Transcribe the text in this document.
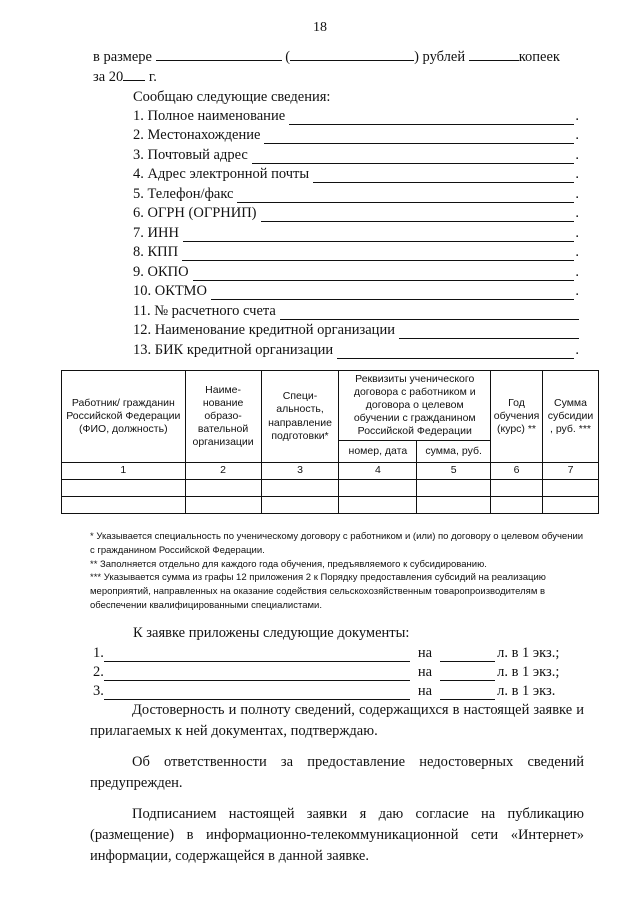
18
в размере	(	) рублей	копеек
за 20 г.
Сообщаю следующие сведения:
1. Полное наименование	.
2. Местонахождение	.
3. Почтовый адрес	.
4. Адрес электронной почты	.
5. Телефон/факс	.
6. ОГРН (ОГРНИП)	.
7. ИНН	.
8. КПП	.
9. ОКПО	.
10. ОКТМО	.
11. № расчетного счета
12. Наименование кредитной организации
13. БИК кредитной организации	.
Работник/ гражданин Российской Федерации (ФИО, должность)	Наиме-нование образо-вательной организации	Специ-альность, направление подготовки*	Реквизиты ученического договора с работником и договора о целевом обучении с гражданином Российской Федерации		Год обучения (курс) **	Сумма субсидии , руб. ***
			номер, дата	сумма, руб.		
1	2	3	4	5	6	7

* Указывается специальность по ученическому договору с работником и (или) по договору о целевом обучении с гражданином Российской Федерации.

** Заполняется отдельно для каждого года обучения, предъявляемого к субсидированию.

*** Указывается сумма из графы 12 приложения 2 к Порядку предоставления субсидий на реализацию мероприятий, направленных на оказание содействия сельскохозяйственным товаропроизводителям в обеспечении квалифицированными специалистами.

К заявке приложены следующие документы:
1.	на	л. в 1 экз.;
2.	на	л. в 1 экз.;
3.	на	л. в 1 экз.

Достоверность и полноту сведений, содержащихся в настоящей заявке и прилагаемых к ней документах, подтверждаю.

Об ответственности за предоставление недостоверных сведений предупрежден.

Подписанием настоящей заявки я даю согласие на публикацию (размещение) в информационно-телекоммуникационной сети «Интернет» информации, содержащейся в данной заявке.
